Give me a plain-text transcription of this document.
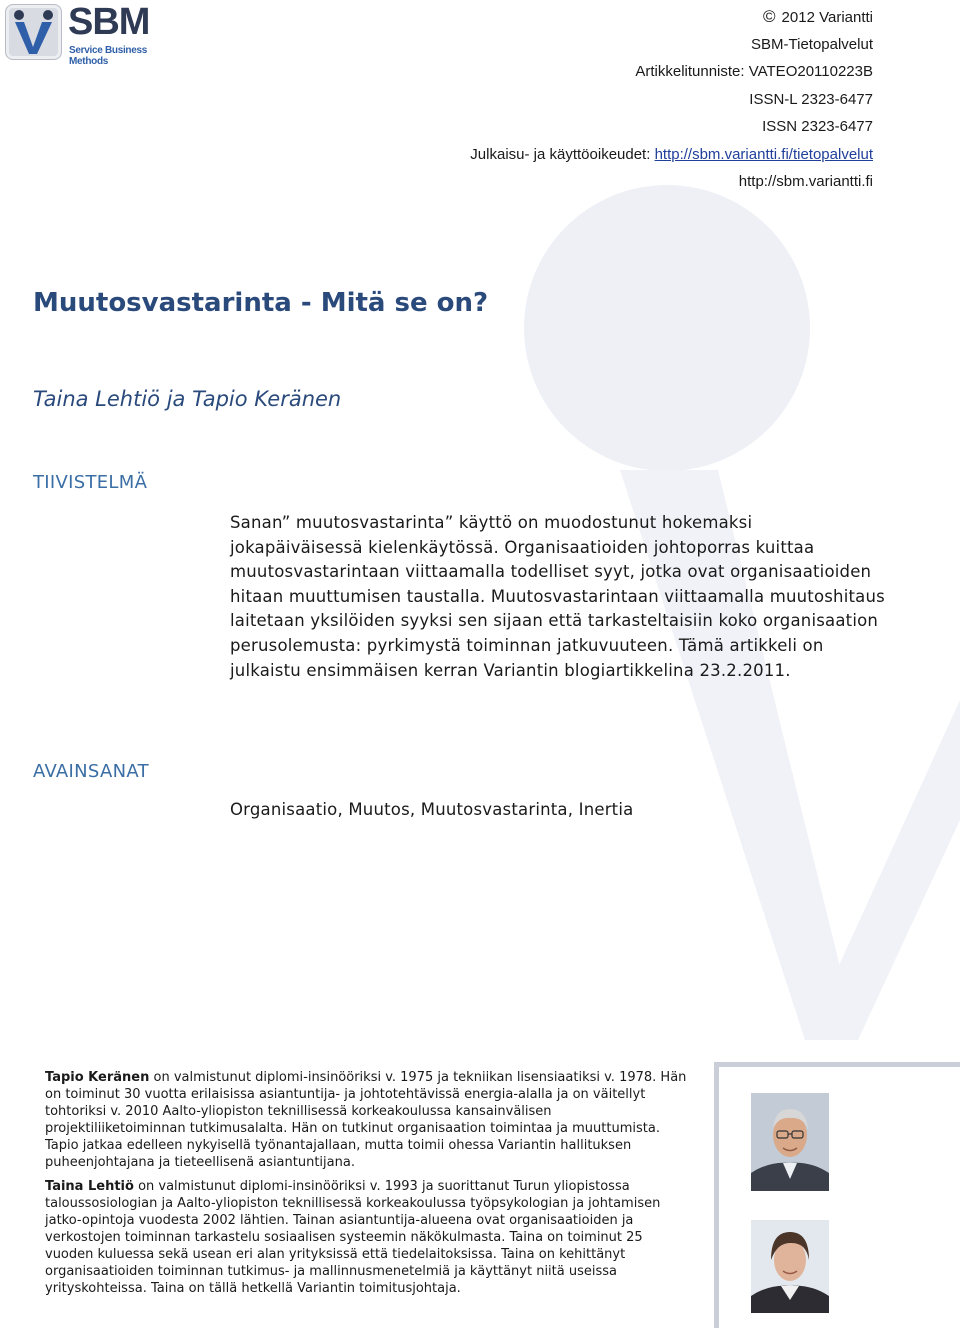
SBM
Service Business Methods
© 2012 Variantti
SBM-Tietopalvelut
Artikkelitunniste: VATEO20110223B
ISSN-L 2323-6477
ISSN 2323-6477
Julkaisu- ja käyttöoikeudet: http://sbm.variantti.fi/tietopalvelut
http://sbm.variantti.fi
Muutosvastarinta - Mitä se on?
Taina Lehtiö ja Tapio Keränen
TIIVISTELMÄ

Sanan” muutosvastarinta” käyttö on muodostunut hokemaksi jokapäiväisessä kielenkäytössä. Organisaatioiden johtoporras kuittaa muutosvastarintaan viittaamalla todelliset syyt, jotka ovat organisaatioiden hitaan muuttumisen taustalla. Muutosvastarintaan viittaamalla muutoshitaus laitetaan yksilöiden syyksi sen sijaan että tarkasteltaisiin koko organisaation perusolemusta: pyrkimystä toiminnan jatkuvuuteen. Tämä artikkeli on julkaistu ensimmäisen kerran Variantin blogiartikkelina 23.2.2011.

AVAINSANAT
Organisaatio, Muutos, Muutosvastarinta, Inertia

Tapio Keränen on valmistunut diplomi-insinööriksi v. 1975 ja tekniikan lisensiaatiksi v. 1978. Hän on toiminut 30 vuotta erilaisissa asiantuntija- ja johtotehtävissä energia-alalla ja on väitellyt tohtoriksi v. 2010 Aalto-yliopiston teknillisessä korkeakoulussa kansainvälisen projektiliiketoiminnan tutkimusalalta. Hän on tutkinut organisaation toimintaa ja muuttumista. Tapio jatkaa edelleen nykyisellä työnantajallaan, mutta toimii ohessa Variantin hallituksen puheenjohtajana ja tieteellisenä asiantuntijana.

Taina Lehtiö on valmistunut diplomi-insinööriksi v. 1993 ja suorittanut Turun yliopistossa taloussosiologian ja Aalto-yliopiston teknillisessä korkeakoulussa työpsykologian ja johtamisen jatko-opintoja vuodesta 2002 lähtien. Tainan asiantuntija-alueena ovat organisaatioiden ja verkostojen toiminnan tarkastelu sosiaalisen systeemin näkökulmasta. Taina on toiminut 25 vuoden kuluessa sekä usean eri alan yrityksissä että tiedelaitoksissa. Taina on kehittänyt organisaatioiden toiminnan tutkimus- ja mallinnusmenetelmiä ja käyttänyt niitä useissa yrityskohteissa. Taina on tällä hetkellä Variantin toimitusjohtaja.
